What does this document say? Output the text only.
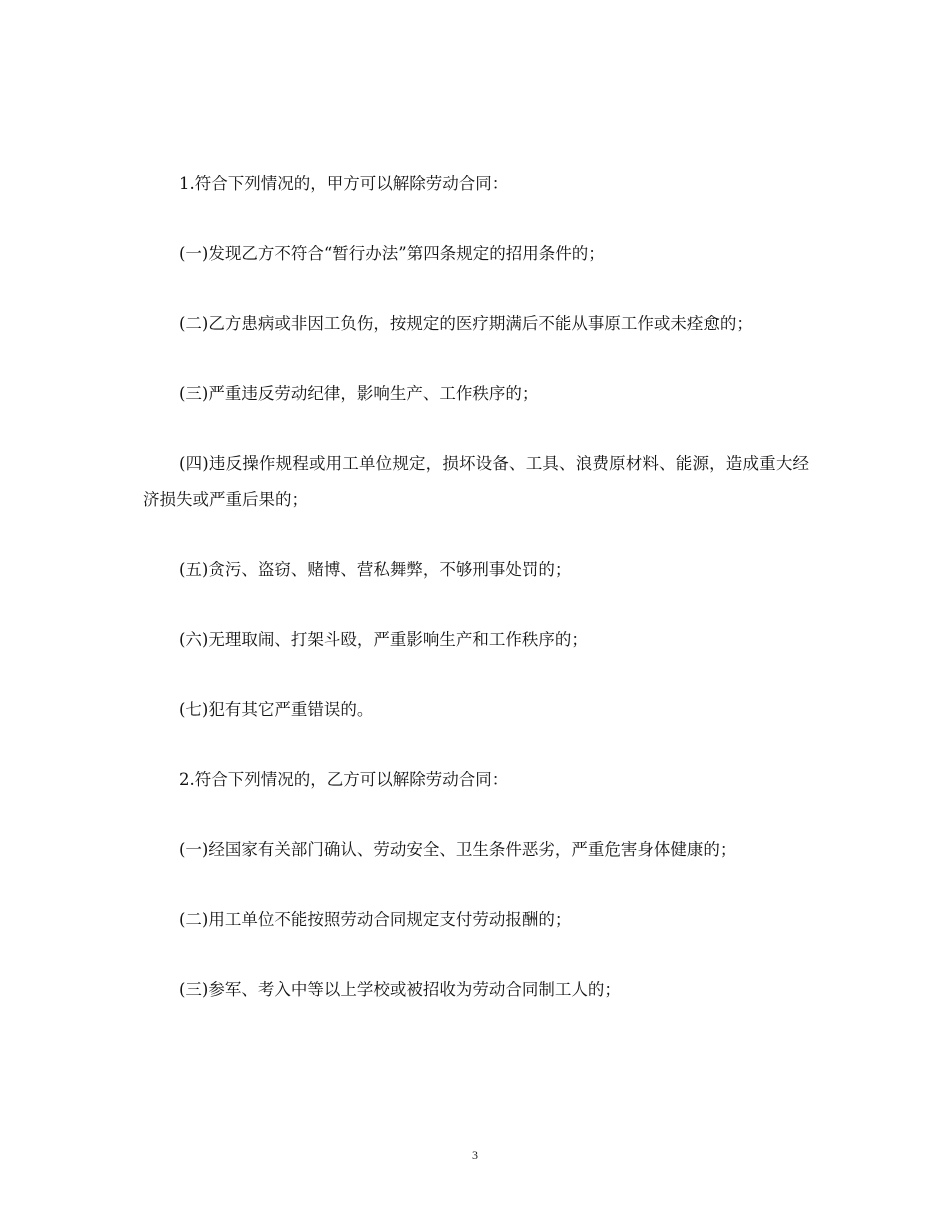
1.符合下列情况的，甲方可以解除劳动合同：

(一)发现乙方不符合“暂行办法”第四条规定的招用条件的；

(二)乙方患病或非因工负伤，按规定的医疗期满后不能从事原工作或未痊愈的；

(三)严重违反劳动纪律，影响生产、工作秩序的；

(四)违反操作规程或用工单位规定，损坏设备、工具、浪费原材料、能源，造成重大经济损失或严重后果的；

(五)贪污、盗窃、赌博、营私舞弊，不够刑事处罚的；

(六)无理取闹、打架斗殴，严重影响生产和工作秩序的；

(七)犯有其它严重错误的。

2.符合下列情况的，乙方可以解除劳动合同：

(一)经国家有关部门确认、劳动安全、卫生条件恶劣，严重危害身体健康的；

(二)用工单位不能按照劳动合同规定支付劳动报酬的；

(三)参军、考入中等以上学校或被招收为劳动合同制工人的；

3
